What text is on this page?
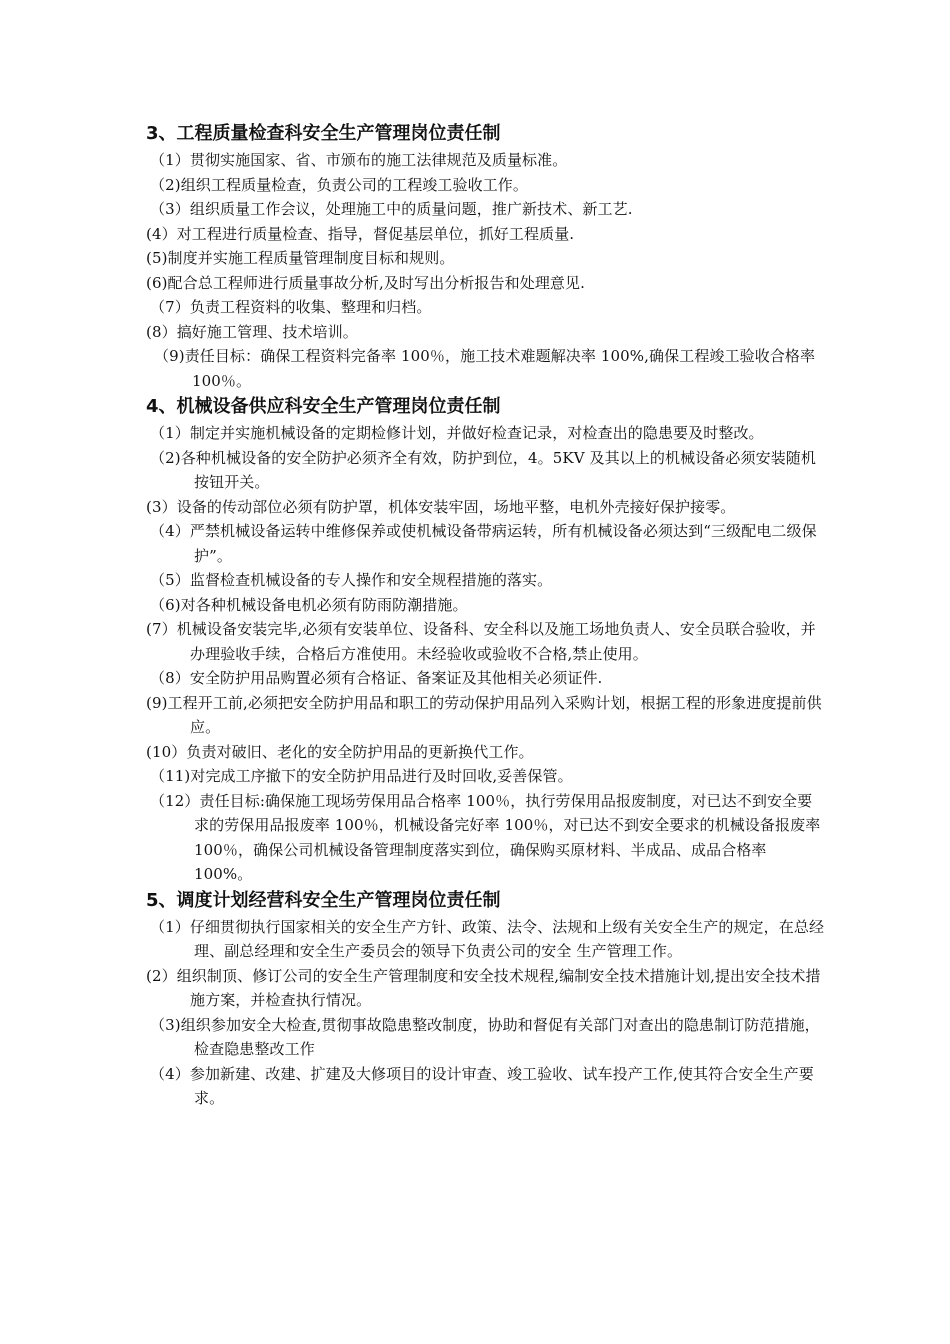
3、工程质量检查科安全生产管理岗位责任制
（1）贯彻实施国家、省、市颁布的施工法律规范及质量标准。
（2)组织工程质量检查，负责公司的工程竣工验收工作。
（3）组织质量工作会议，处理施工中的质量问题，推广新技术、新工艺.
(4）对工程进行质量检查、指导，督促基层单位，抓好工程质量.
(5)制度并实施工程质量管理制度目标和规则。
(6)配合总工程师进行质量事故分析,及时写出分析报告和处理意见.
（7）负责工程资料的收集、整理和归档。
(8）搞好施工管理、技术培训。
（9)责任目标：确保工程资料完备率 100％，施工技术难题解决率 100%,确保工程竣工验收合格率 100％。
4、机械设备供应科安全生产管理岗位责任制
（1）制定并实施机械设备的定期检修计划，并做好检查记录，对检查出的隐患要及时整改。
（2)各种机械设备的安全防护必须齐全有效，防护到位，4。5KV 及其以上的机械设备必须安装随机按钮开关。
(3）设备的传动部位必须有防护罩，机体安装牢固，场地平整，电机外壳接好保护接零。
（4）严禁机械设备运转中维修保养或使机械设备带病运转，所有机械设备必须达到“三级配电二级保护”。
（5）监督检查机械设备的专人操作和安全规程措施的落实。
（6)对各种机械设备电机必须有防雨防潮措施。
(7）机械设备安装完毕,必须有安装单位、设备科、安全科以及施工场地负责人、安全员联合验收，并办理验收手续，合格后方准使用。未经验收或验收不合格,禁止使用。
（8）安全防护用品购置必须有合格证、备案证及其他相关必须证件.
(9)工程开工前,必须把安全防护用品和职工的劳动保护用品列入采购计划，根据工程的形象进度提前供应。
(10）负责对破旧、老化的安全防护用品的更新换代工作。
（11)对完成工序撤下的安全防护用品进行及时回收,妥善保管。
（12）责任目标:确保施工现场劳保用品合格率 100％，执行劳保用品报废制度，对已达不到安全要求的劳保用品报废率 100％，机械设备完好率 100％，对已达不到安全要求的机械设备报废率 100％，确保公司机械设备管理制度落实到位，确保购买原材料、半成品、成品合格率 100%。
5、调度计划经营科安全生产管理岗位责任制
（1）仔细贯彻执行国家相关的安全生产方针、政策、法令、法规和上级有关安全生产的规定，在总经理、副总经理和安全生产委员会的领导下负责公司的安全 生产管理工作。
(2）组织制顶、修订公司的安全生产管理制度和安全技术规程,编制安全技术措施计划,提出安全技术措施方案，并检查执行情况。
（3)组织参加安全大检查,贯彻事故隐患整改制度，协助和督促有关部门对查出的隐患制订防范措施，检查隐患整改工作
（4）参加新建、改建、扩建及大修项目的设计审查、竣工验收、试车投产工作,使其符合安全生产要求。
